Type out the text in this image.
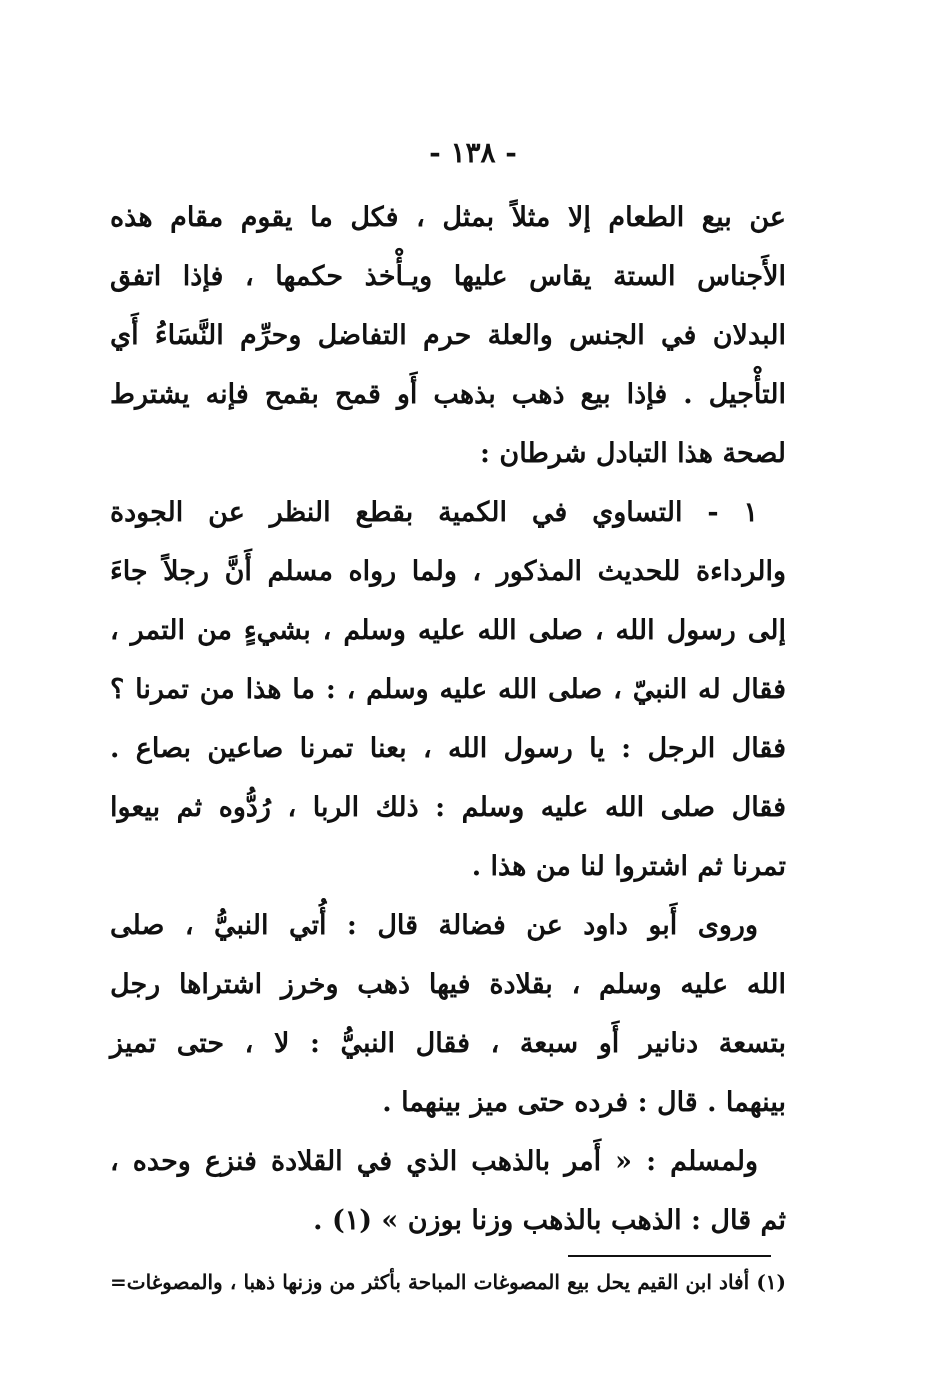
- ١٣٨ -
عن بيع الطعام إلا مثلاً بمثل ، فكل ما يقوم مقام هذه
الأَجناس الستة يقاس عليها ويـأْخذ حكمها ، فإذا اتفق
البدلان في الجنس والعلة حرم التفاضل وحرِّم النَّسَاءُ أَي
التأْجيل . فإذا بيع ذهب بذهب أَو قمح بقمح فإنه يشترط
لصحة هذا التبادل شرطان :
١ - التساوي في الكمية بقطع النظر عن الجودة
والرداءة للحديث المذكور ، ولما رواه مسلم أَنَّ رجلاً جاءَ
إلى رسول الله ، صلى الله عليه وسلم ، بشيءٍ من التمر ،
فقال له النبيّ ، صلى الله عليه وسلم ، : ما هذا من تمرنا ؟
فقال الرجل : يا رسول الله ، بعنا تمرنا صاعين بصاع .
فقال صلى الله عليه وسلم : ذلك الربا ، رُدُّوه ثم بيعوا
تمرنا ثم اشتروا لنا من هذا .
وروى أَبو داود عن فضالة قال : أُتي النبيُّ ، صلى
الله عليه وسلم ، بقلادة فيها ذهب وخرز اشتراها رجل
بتسعة دنانير أَو سبعة ، فقال النبيُّ : لا ، حتى تميز
بينهما . قال : فرده حتى ميز بينهما .
ولمسلم : « أَمر بالذهب الذي في القلادة فنزع وحده ،
ثم قال : الذهب بالذهب وزنا بوزن » (١) .
(١) أفاد ابن القيم يحل بيع المصوغات المباحة بأكثر من وزنها ذهبا ، والمصوغات=
